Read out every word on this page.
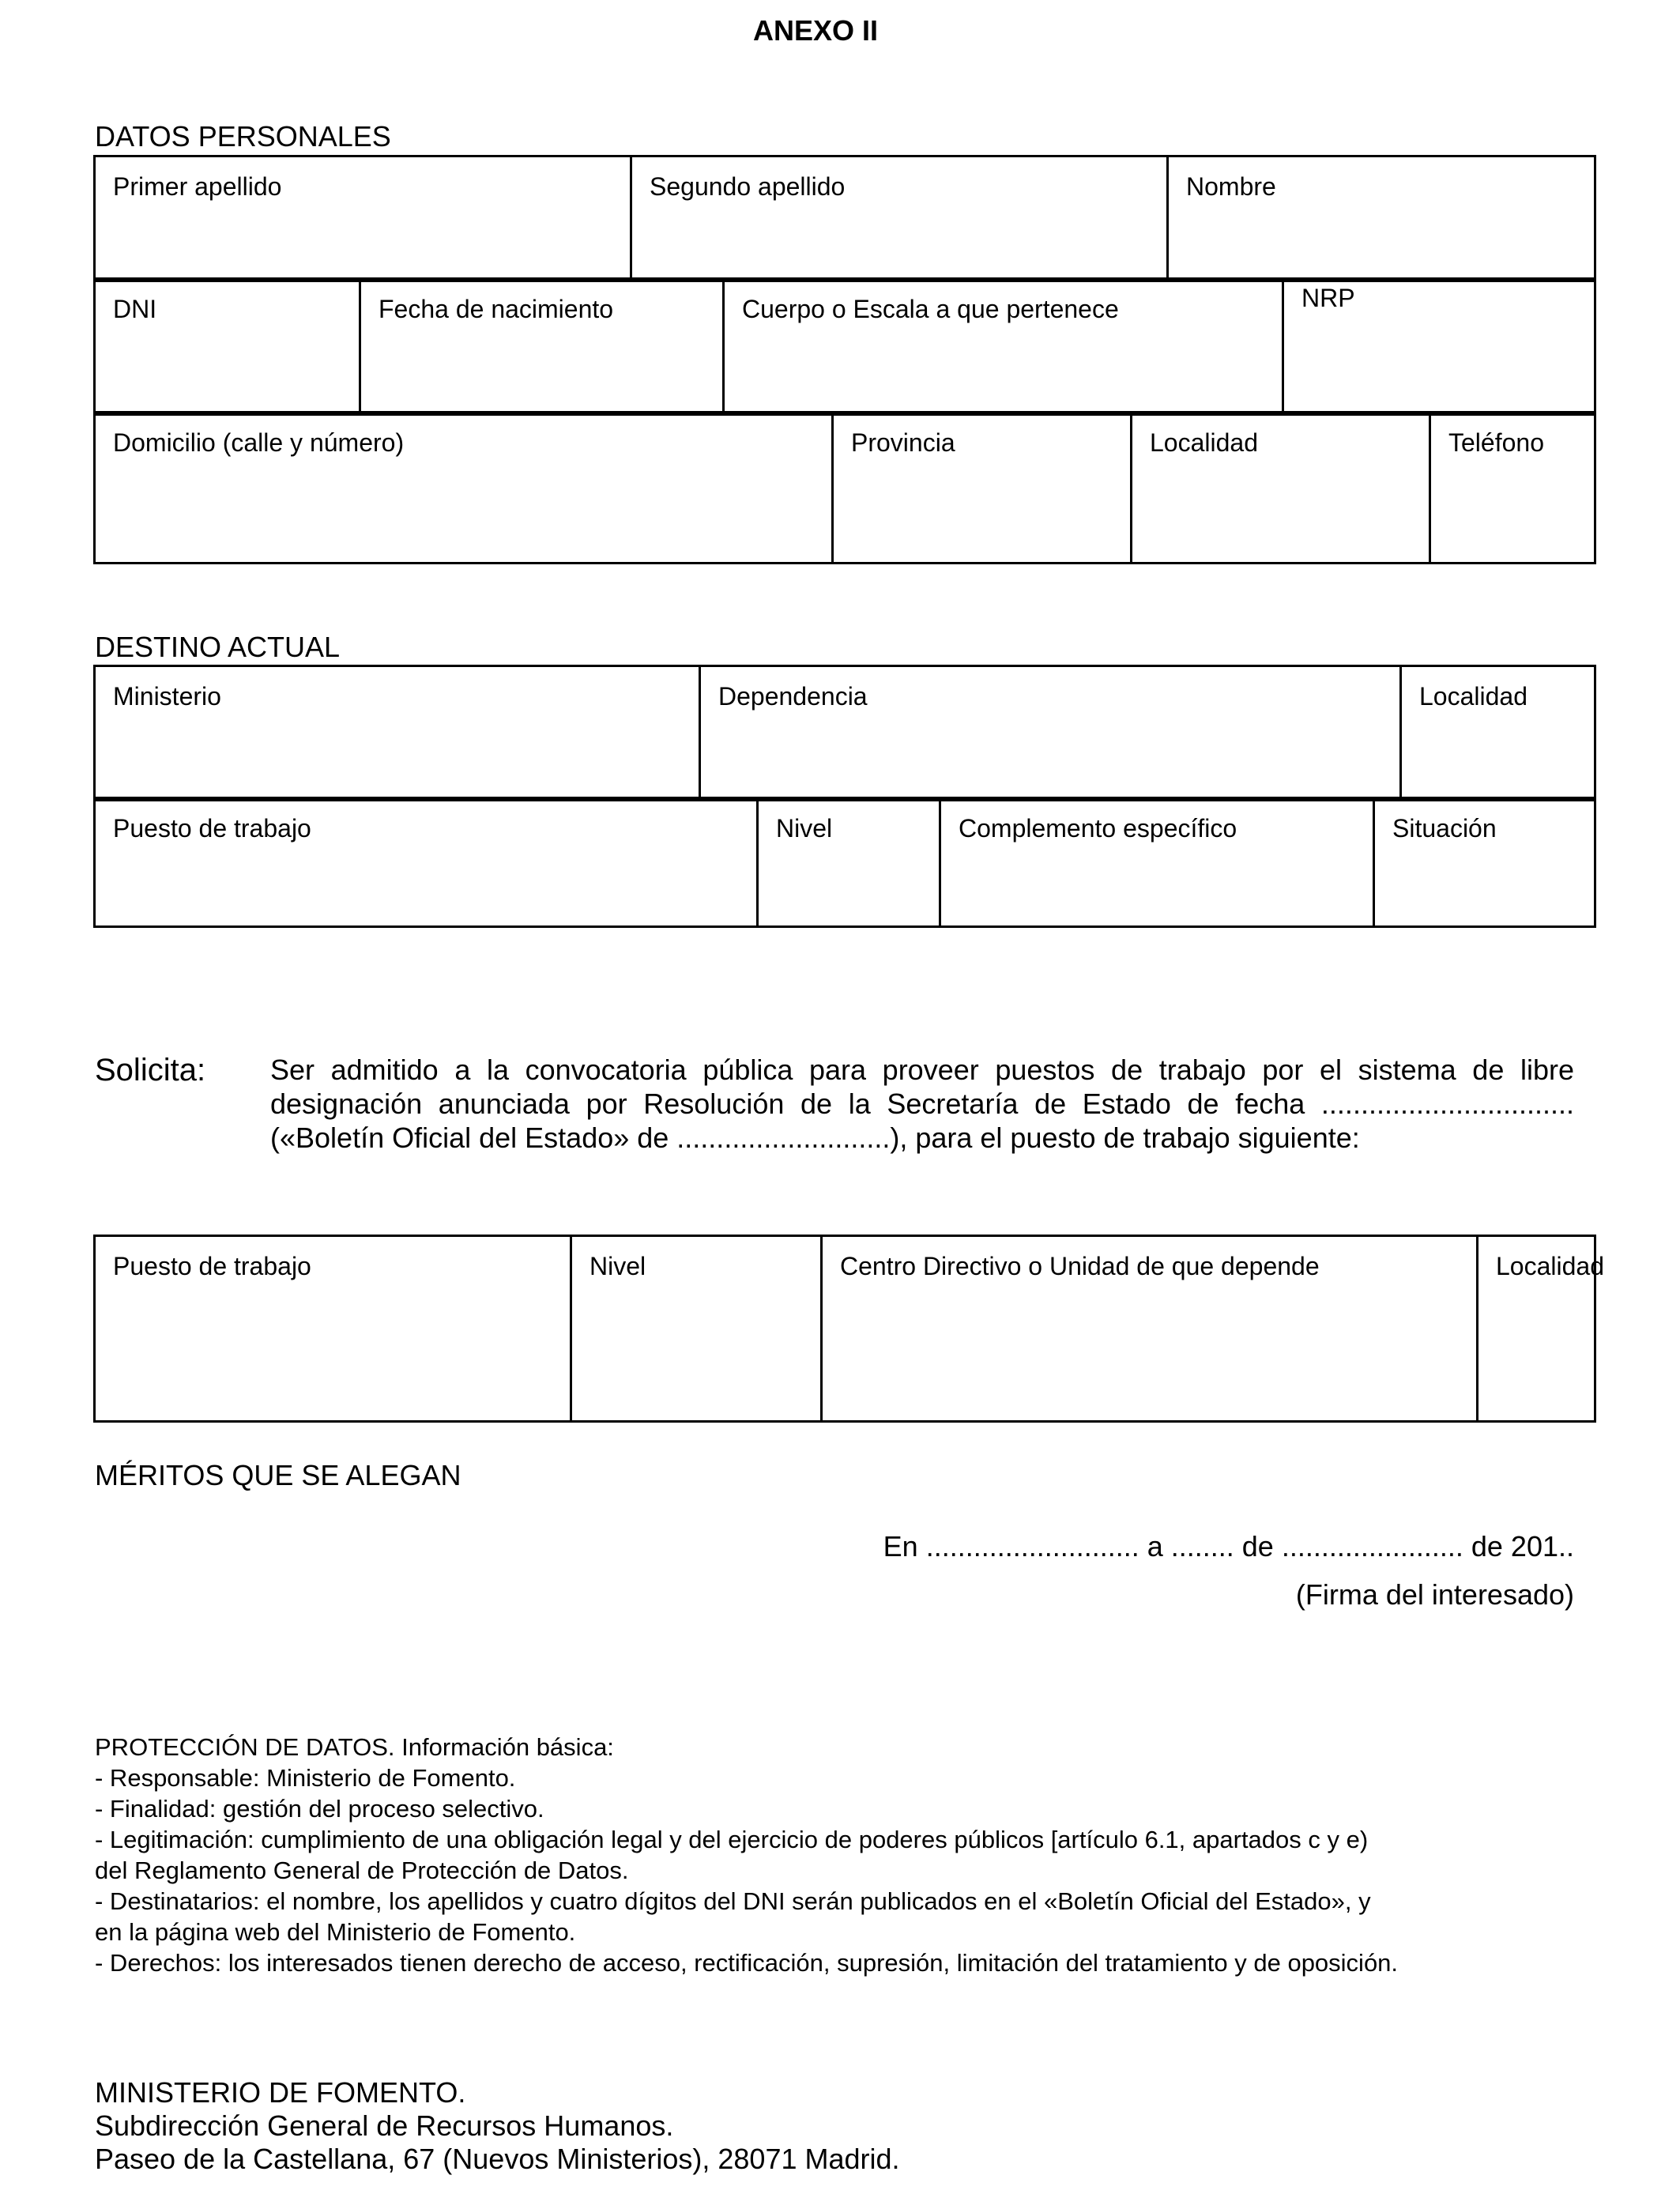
ANEXO II
DATOS PERSONALES
Primer apellido	Segundo apellido	Nombre
DNI	Fecha de nacimiento	Cuerpo o Escala a que pertenece	NRP
Domicilio (calle y número)	Provincia	Localidad	Teléfono
DESTINO ACTUAL
Ministerio	Dependencia	Localidad
Puesto de trabajo	Nivel	Complemento específico	Situación
Solicita: Ser admitido a la convocatoria pública para proveer puestos de trabajo por el sistema de libre designación anunciada por Resolución de la Secretaría de Estado de fecha ................................ («Boletín Oficial del Estado» de ...........................), para el puesto de trabajo siguiente:
Puesto de trabajo	Nivel	Centro Directivo o Unidad de que depende	Localidad
MÉRITOS QUE SE ALEGAN
En ........................... a ........ de ....................... de 201..
(Firma del interesado)
PROTECCIÓN DE DATOS. Información básica:
- Responsable: Ministerio de Fomento.
- Finalidad: gestión del proceso selectivo.
- Legitimación: cumplimiento de una obligación legal y del ejercicio de poderes públicos [artículo 6.1, apartados c y e)
del Reglamento General de Protección de Datos.
- Destinatarios: el nombre, los apellidos y cuatro dígitos del DNI serán publicados en el «Boletín Oficial del Estado», y
en la página web del Ministerio de Fomento.
- Derechos: los interesados tienen derecho de acceso, rectificación, supresión, limitación del tratamiento y de oposición.
MINISTERIO DE FOMENTO.
Subdirección General de Recursos Humanos.
Paseo de la Castellana, 67 (Nuevos Ministerios), 28071 Madrid.
